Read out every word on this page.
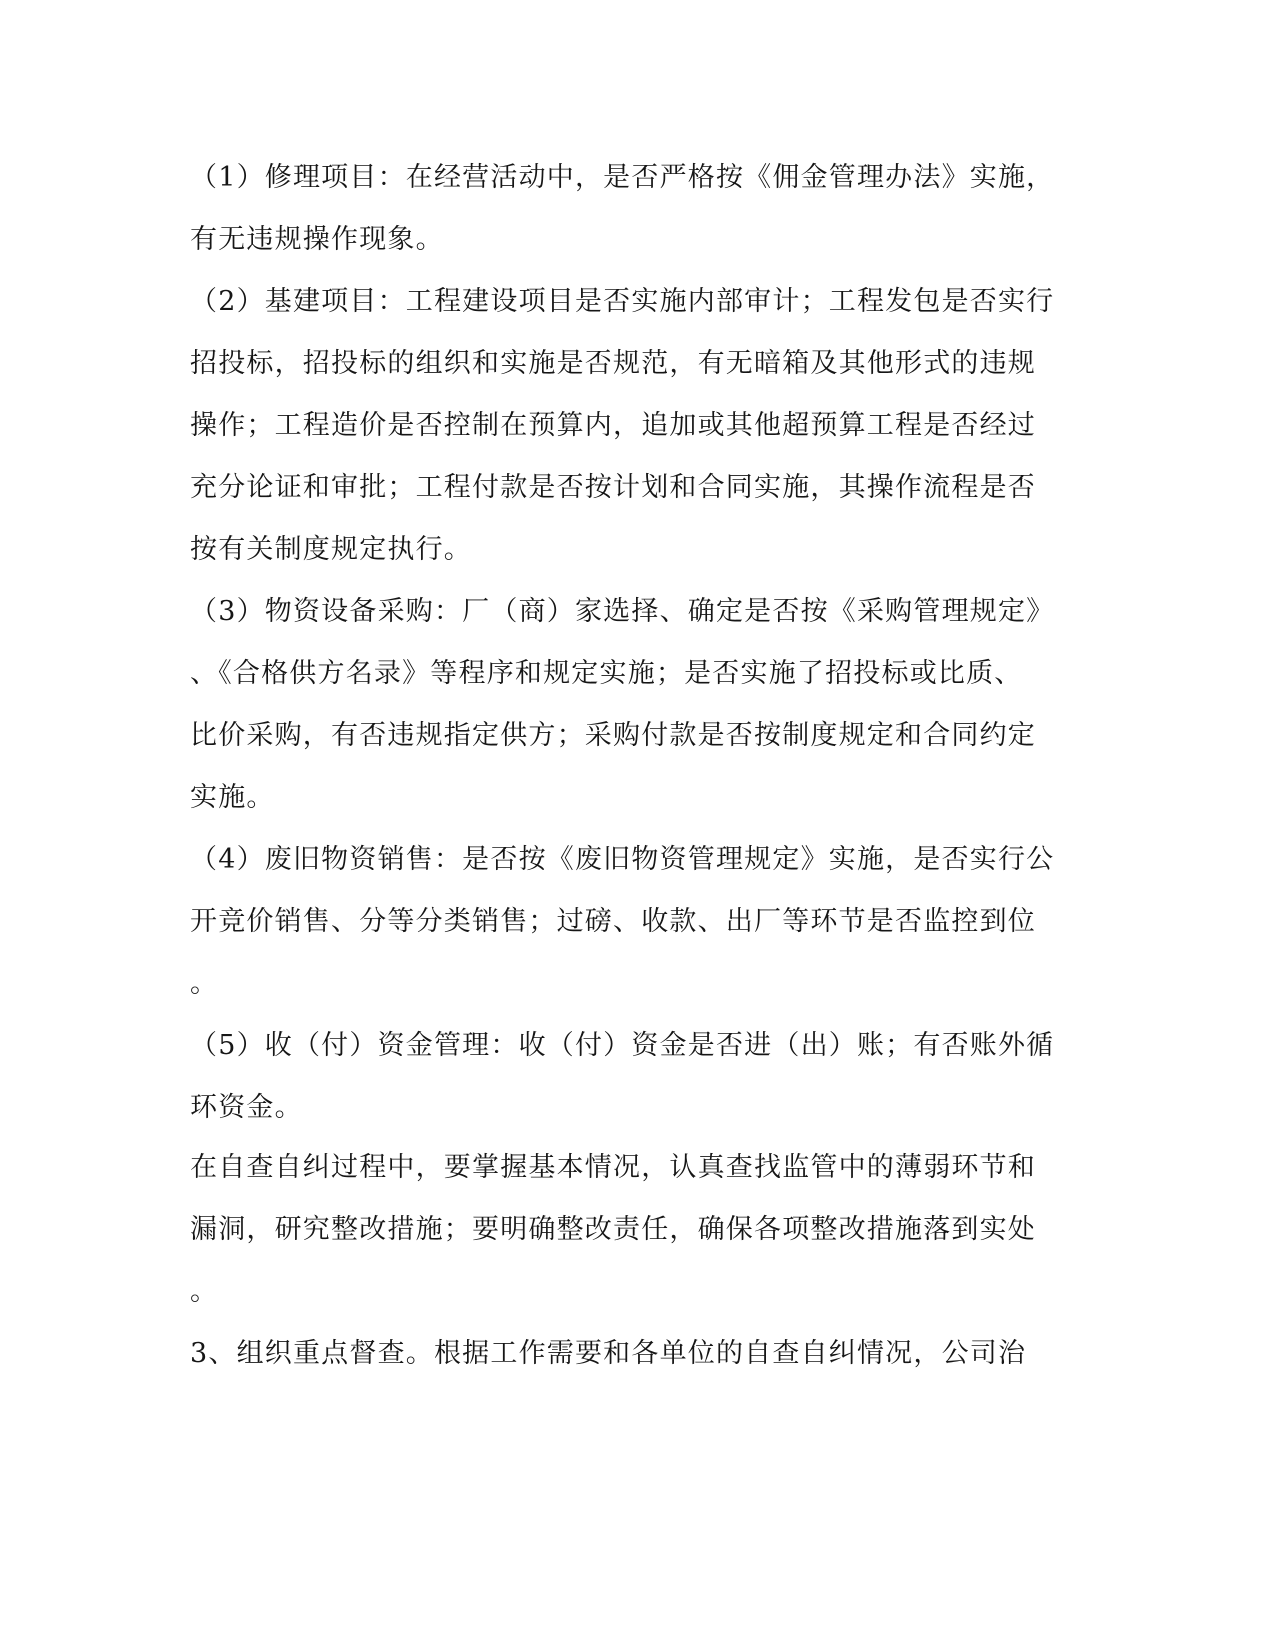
（1）修理项目：在经营活动中，是否严格按《佣金管理办法》实施，
有无违规操作现象。
（2）基建项目：工程建设项目是否实施内部审计；工程发包是否实行
招投标，招投标的组织和实施是否规范，有无暗箱及其他形式的违规
操作；工程造价是否控制在预算内，追加或其他超预算工程是否经过
充分论证和审批；工程付款是否按计划和合同实施，其操作流程是否
按有关制度规定执行。
（3）物资设备采购：厂（商）家选择、确定是否按《采购管理规定》
、《合格供方名录》等程序和规定实施；是否实施了招投标或比质、
比价采购，有否违规指定供方；采购付款是否按制度规定和合同约定
实施。
（4）废旧物资销售：是否按《废旧物资管理规定》实施，是否实行公
开竞价销售、分等分类销售；过磅、收款、出厂等环节是否监控到位
。
（5）收（付）资金管理：收（付）资金是否进（出）账；有否账外循
环资金。
在自查自纠过程中，要掌握基本情况，认真查找监管中的薄弱环节和
漏洞，研究整改措施；要明确整改责任，确保各项整改措施落到实处
。
3、组织重点督查。根据工作需要和各单位的自查自纠情况，公司治
